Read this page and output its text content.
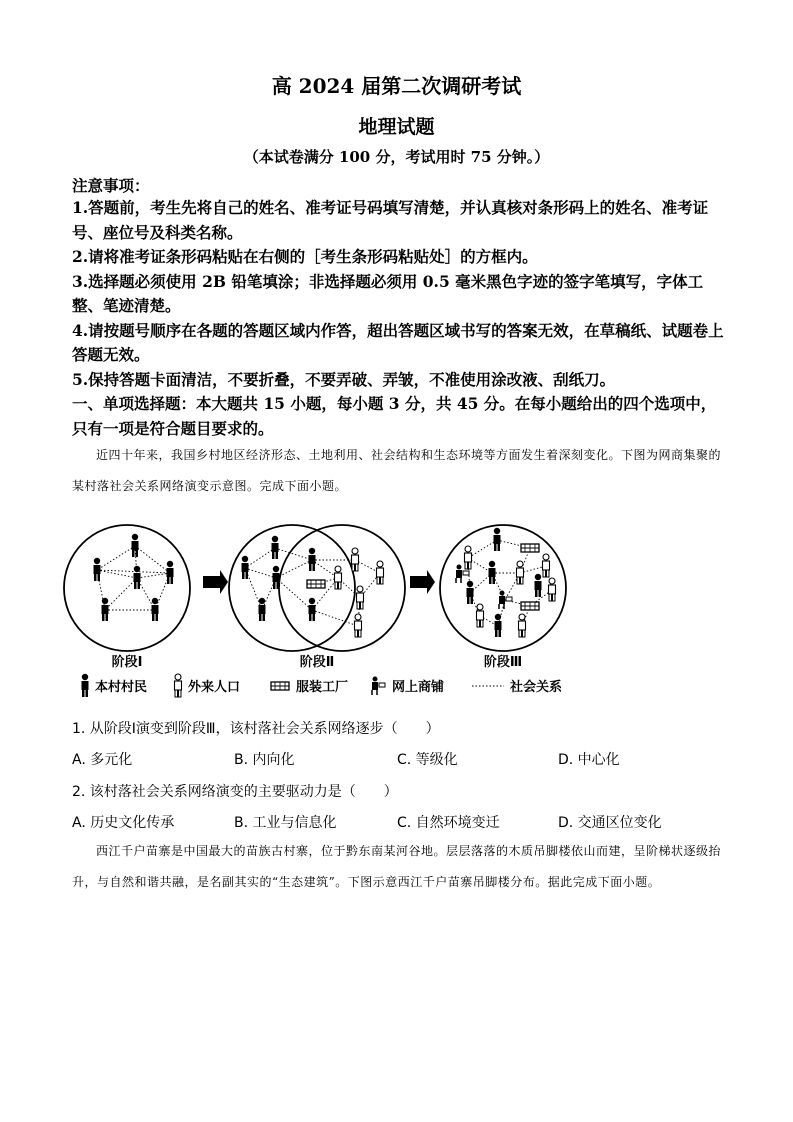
高 2024 届第二次调研考试
地理试题
（本试卷满分 100 分，考试用时 75 分钟。）
注意事项：

1.答题前，考生先将自己的姓名、准考证号码填写清楚，并认真核对条形码上的姓名、准考证号、座位号及科类名称。

2.请将准考证条形码粘贴在右侧的［考生条形码粘贴处］的方框内。

3.选择题必须使用 2B 铅笔填涂；非选择题必须用 0.5 毫米黑色字迹的签字笔填写，字体工整、笔迹清楚。

4.请按题号顺序在各题的答题区域内作答，超出答题区域书写的答案无效，在草稿纸、试题卷上答题无效。

5.保持答题卡面清洁，不要折叠，不要弄破、弄皱，不准使用涂改液、刮纸刀。

一、单项选择题：本大题共 15 小题，每小题 3 分，共 45 分。在每小题给出的四个选项中，只有一项是符合题目要求的。
近四十年来，我国乡村地区经济形态、土地利用、社会结构和生态环境等方面发生着深刻变化。下图为网商集聚的某村落社会关系网络演变示意图。完成下面小题。
阶段Ⅰ	阶段Ⅱ	阶段Ⅲ
本村村民	外来人口	服装工厂	网上商铺	社会关系
1. 从阶段Ⅰ演变到阶段Ⅲ，该村落社会关系网络逐步（　　）
A. 多元化	B. 内向化	C. 等级化	D. 中心化
2. 该村落社会关系网络演变的主要驱动力是（　　）
A. 历史文化传承	B. 工业与信息化	C. 自然环境变迁	D. 交通区位变化
西江千户苗寨是中国最大的苗族古村寨，位于黔东南某河谷地。层层落落的木质吊脚楼依山而建，呈阶梯状逐级抬升，与自然和谐共融，是名副其实的“生态建筑”。下图示意西江千户苗寨吊脚楼分布。据此完成下面小题。
